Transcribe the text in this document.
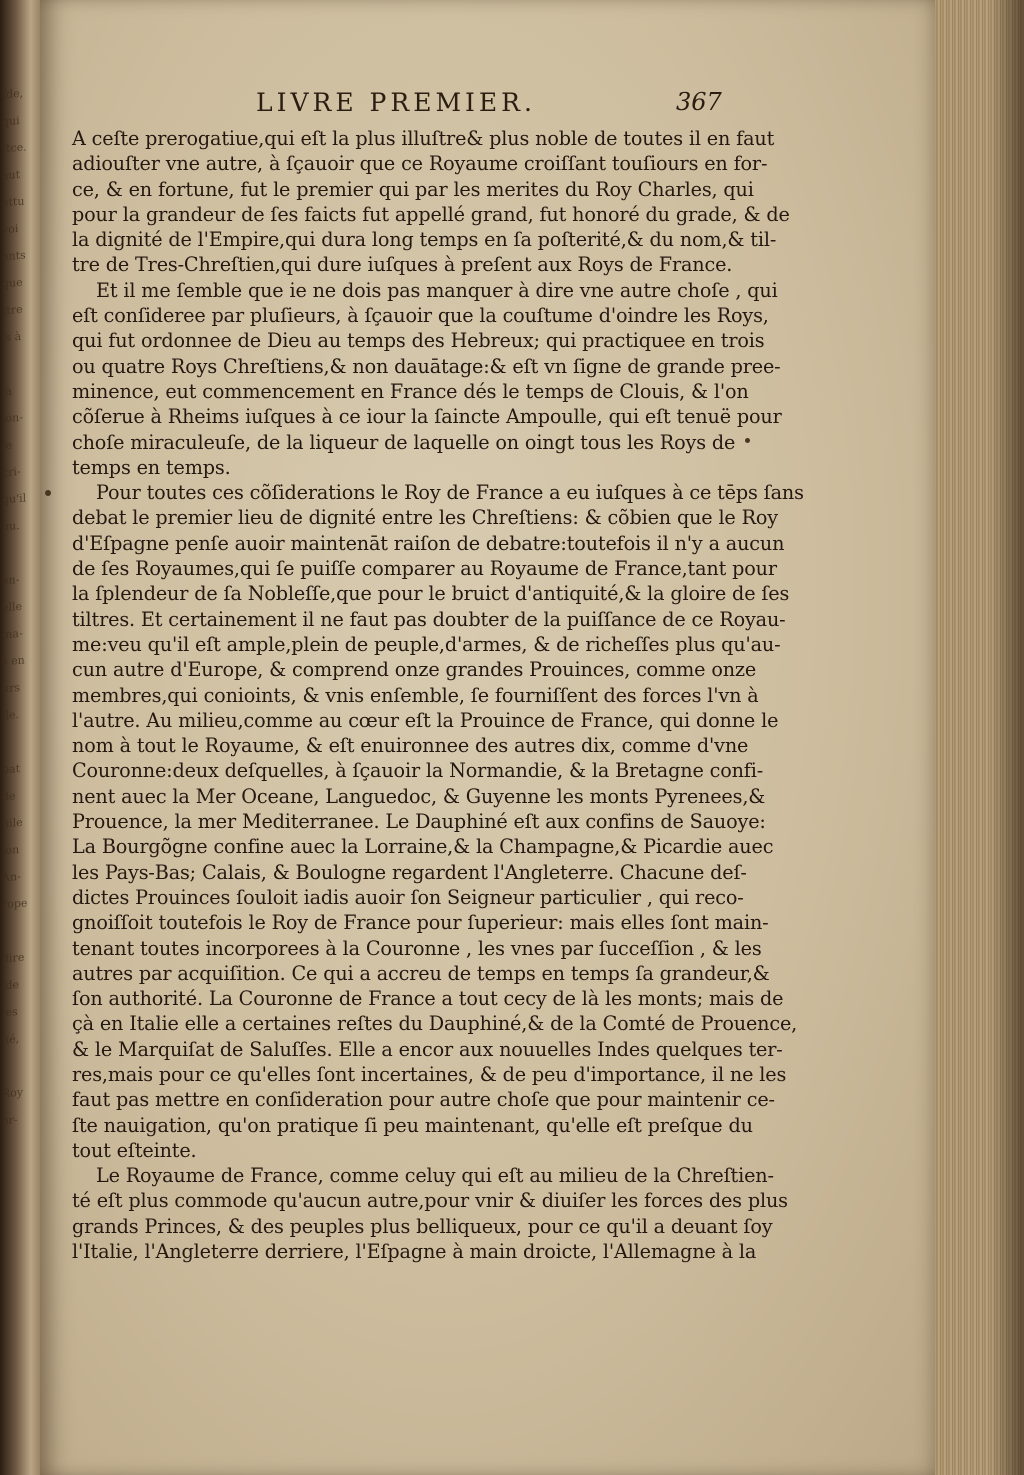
ſde,
qui
ſtce.
aut
ettu
voi
ents
que
ttre
ls à

la
ion-
le
cri-
qu'il
nu.

en-
elle
ma-
s en
urs
lle.

bat
de
nile
lon
An-
rope

dire
ide
les
né,

Roy
or-
LIVRE PREMIER.	367
A ceſte prerogatiue,qui eſt la plus illuſtre& plus noble de toutes il en faut
adiouſter vne autre, à ſçauoir que ce Royaume croiſſant touſiours en for-
ce, & en fortune, fut le premier qui par les merites du Roy Charles, qui
pour la grandeur de ſes faicts fut appellé grand, fut honoré du grade, & de
la dignité de l'Empire,qui dura long temps en ſa poſterité,& du nom,& til-
tre de Tres-Chreſtien,qui dure iuſques à preſent aux Roys de France.
Et il me ſemble que ie ne dois pas manquer à dire vne autre choſe , qui
eſt conſideree par pluſieurs, à ſçauoir que la couſtume d'oindre les Roys,
qui fut ordonnee de Dieu au temps des Hebreux; qui practiquee en trois
ou quatre Roys Chreſtiens,& non dauātage:& eſt vn ſigne de grande pree-
minence, eut commencement en France dés le temps de Clouis, & l'on
cõſerue à Rheims iuſques à ce iour la ſaincte Ampoulle, qui eſt tenuë pour
choſe miraculeuſe, de la liqueur de laquelle on oingt tous les Roys de
temps en temps.
Pour toutes ces cõſiderations le Roy de France a eu iuſques à ce tēps ſans
debat le premier lieu de dignité entre les Chreſtiens: & cõbien que le Roy
d'Eſpagne penſe auoir maintenāt raiſon de debatre:toutefois il n'y a aucun
de ſes Royaumes,qui ſe puiſſe comparer au Royaume de France,tant pour
la ſplendeur de ſa Nobleſſe,que pour le bruict d'antiquité,& la gloire de ſes
tiltres. Et certainement il ne faut pas doubter de la puiſſance de ce Royau-
me:veu qu'il eſt ample,plein de peuple,d'armes, & de richeſſes plus qu'au-
cun autre d'Europe, & comprend onze grandes Prouinces, comme onze
membres,qui conioints, & vnis enſemble, ſe fourniſſent des forces l'vn à
l'autre. Au milieu,comme au cœur eſt la Prouince de France, qui donne le
nom à tout le Royaume, & eſt enuironnee des autres dix, comme d'vne
Couronne:deux deſquelles, à ſçauoir la Normandie, & la Bretagne confi-
nent auec la Mer Oceane, Languedoc, & Guyenne les monts Pyrenees,&
Prouence, la mer Mediterranee. Le Dauphiné eſt aux confins de Sauoye:
La Bourgõgne confine auec la Lorraine,& la Champagne,& Picardie auec
les Pays-Bas; Calais, & Boulogne regardent l'Angleterre. Chacune deſ-
dictes Prouinces ſouloit iadis auoir ſon Seigneur particulier , qui reco-
gnoiſſoit toutefois le Roy de France pour ſuperieur: mais elles ſont main-
tenant toutes incorporees à la Couronne , les vnes par ſucceſſion , & les
autres par acquiſition. Ce qui a accreu de temps en temps ſa grandeur,&
ſon authorité. La Couronne de France a tout cecy de là les monts; mais de
çà en Italie elle a certaines reſtes du Dauphiné,& de la Comté de Prouence,
& le Marquiſat de Saluſſes. Elle a encor aux nouuelles Indes quelques ter-
res,mais pour ce qu'elles ſont incertaines, & de peu d'importance, il ne les
faut pas mettre en conſideration pour autre choſe que pour maintenir ce-
ſte nauigation, qu'on pratique ſi peu maintenant, qu'elle eſt preſque du
tout eſteinte.
Le Royaume de France, comme celuy qui eſt au milieu de la Chreſtien-
té eſt plus commode qu'aucun autre,pour vnir & diuiſer les forces des plus
grands Princes, & des peuples plus belliqueux, pour ce qu'il a deuant ſoy
l'Italie, l'Angleterre derriere, l'Eſpagne à main droicte, l'Allemagne à la
